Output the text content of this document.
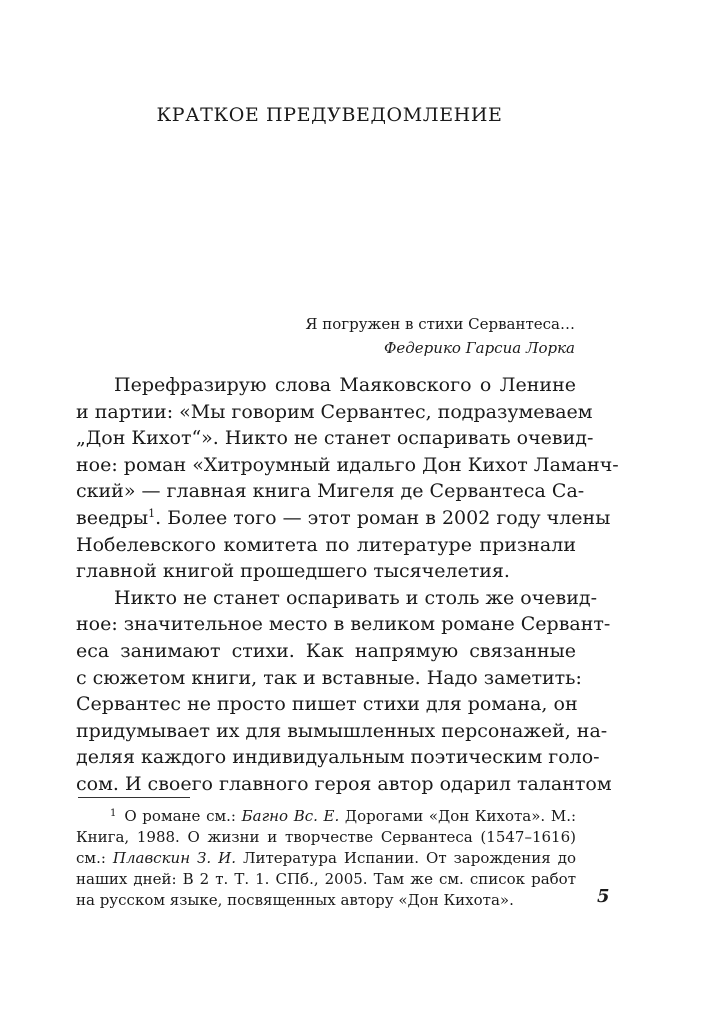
КРАТКОЕ ПРЕДУВЕДОМЛЕНИЕ
Я погружен в стихи Сервантеса…
Федерико Гарсиа Лорка
Перефразирую слова Маяковского о Ленине
и партии: «Мы говорим Сервантес, подразумеваем
„Дон Кихот“». Никто не станет оспаривать очевид-
ное: роман «Хитроумный идальго Дон Кихот Ламанч-
ский» — главная книга Мигеля де Сервантеса Са-
веедры$^1$. Более того — этот роман в 2002 году члены
Нобелевского комитета по литературе признали
главной книгой прошедшего тысячелетия.
Никто не станет оспаривать и столь же очевид-
ное: значительное место в великом романе Сервант-
еса занимают стихи. Как напрямую связанные
с сюжетом книги, так и вставные. Надо заметить:
Сервантес не просто пишет стихи для романа, он
придумывает их для вымышленных персонажей, на-
деляя каждого индивидуальным поэтическим голо-
сом. И своего главного героя автор одарил талантом
$^1$ О романе см.: Багно Вс. Е. Дорогами «Дон Кихота». М.:
Книга, 1988. О жизни и творчестве Сервантеса (1547–1616)
см.: Плавскин З. И. Литература Испании. От зарождения до
наших дней: В 2 т. Т. 1. СПб., 2005. Там же см. список работ
на русском языке, посвященных автору «Дон Кихота».	5
